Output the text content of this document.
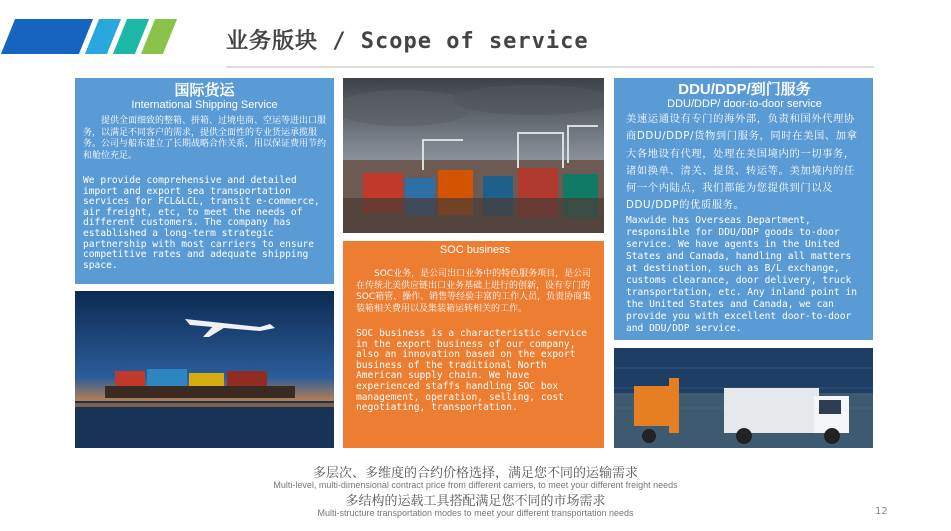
业务版块 / Scope of service
国际货运
International Shipping Service
提供全面细致的整箱、拼箱、过境电商、空运等进出口服务，以满足不同客户的需求，提供全面性的专业货运承揽服务。公司与船东建立了长期战略合作关系，用以保证费用节约和舱位充足。
We provide comprehensive and detailed import and export sea transportation services for FCL&LCL, transit e-commerce, air freight, etc, to meet the needs of different customers. The company has established a long-term strategic partnership with most carriers to ensure competitive rates and adequate shipping space.
SOC business
SOC业务，是公司出口业务中的特色服务项目，是公司在传统北美供应链出口业务基础上进行的创新，设有专门的SOC箱管、操作、销售等经验丰富的工作人员，负责协商集装箱相关费用以及集装箱运转相关的工作。
SOC business is a characteristic service in the export business of our company, also an innovation based on the export business of the traditional North American supply chain. We have experienced staffs handling SOC box management, operation, selling, cost negotiating, transportation.
DDU/DDP/到门服务
DDU/DDP/ door-to-door service
美速运通设有专门的海外部，负责和国外代理协商DDU/DDP/货物到门服务，同时在美国、加拿大各地设有代理，处理在美国境内的一切事务，诸如换单、清关、提货、转运等。美加境内的任何一个内陆点，我们都能为您提供到门以及DDU/DDP的优质服务。
Maxwide has Overseas Department, responsible for DDU/DDP goods to-door service. We have agents in the United States and Canada, handling all matters at destination, such as B/L exchange, customs clearance, door delivery, truck transportation, etc. Any inland point in the United States and Canada, we can provide you with excellent door-to-door and DDU/DDP service.
多层次、多维度的合约价格选择，满足您不同的运输需求
Multi-level, multi-dimensional contract price from different carriers, to meet your different freight needs
多结构的运载工具搭配满足您不同的市场需求
Multi-structure transportation modes to meet your different transportation needs	12
